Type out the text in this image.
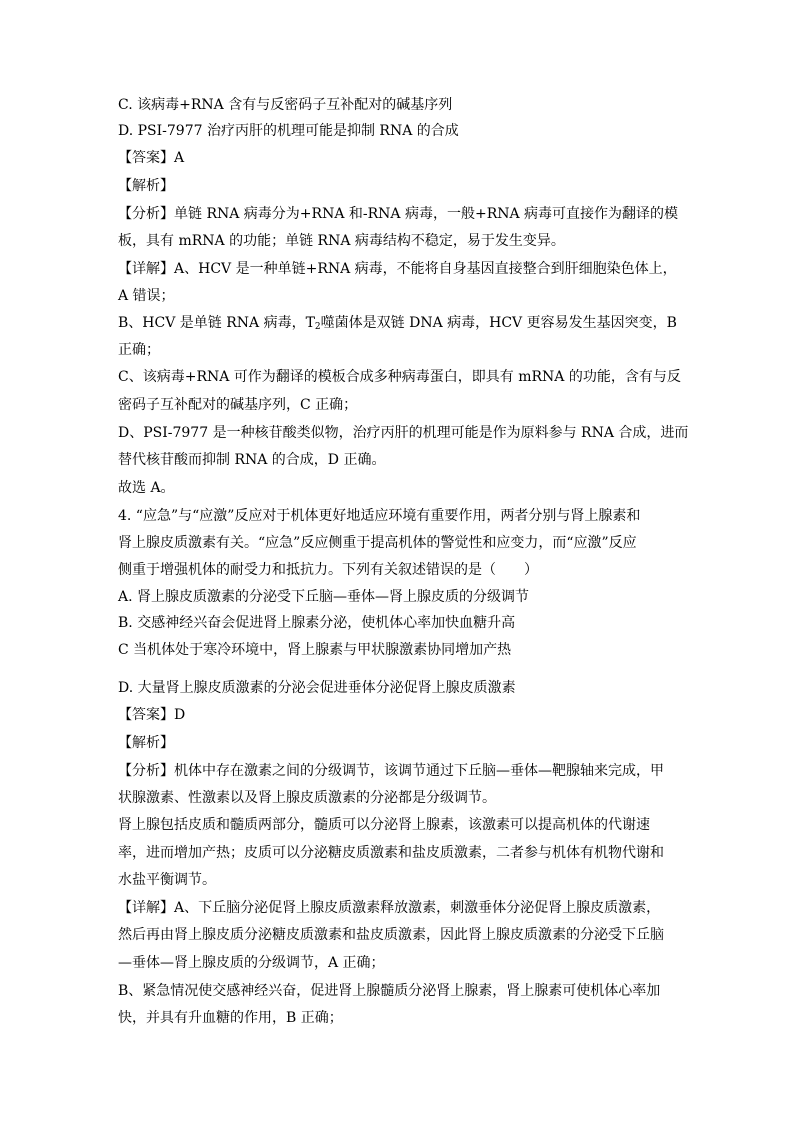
C. 该病毒+RNA 含有与反密码子互补配对的碱基序列
D. PSI-7977 治疗丙肝的机理可能是抑制 RNA 的合成
【答案】A
【解析】
【分析】单链 RNA 病毒分为+RNA 和-RNA 病毒，一般+RNA 病毒可直接作为翻译的模
板，具有 mRNA 的功能；单链 RNA 病毒结构不稳定，易于发生变异。
【详解】A、HCV 是一种单链+RNA 病毒，不能将自身基因直接整合到肝细胞染色体上，
A 错误；
B、HCV 是单链 RNA 病毒，$T_2$噬菌体是双链 DNA 病毒，HCV 更容易发生基因突变，B
正确；
C、该病毒+RNA 可作为翻译的模板合成多种病毒蛋白，即具有 mRNA 的功能，含有与反
密码子互补配对的碱基序列，C 正确；
D、PSI-7977 是一种核苷酸类似物，治疗丙肝的机理可能是作为原料参与 RNA 合成，进而
替代核苷酸而抑制 RNA 的合成，D 正确。
故选 A。
4. “应急”与“应激”反应对于机体更好地适应环境有重要作用，两者分别与肾上腺素和
肾上腺皮质激素有关。“应急”反应侧重于提高机体的警觉性和应变力，而“应激”反应
侧重于增强机体的耐受力和抵抗力。下列有关叙述错误的是（　　）
A. 肾上腺皮质激素的分泌受下丘脑—垂体—肾上腺皮质的分级调节
B. 交感神经兴奋会促进肾上腺素分泌，使机体心率加快血糖升高
C 当机体处于寒冷环境中，肾上腺素与甲状腺激素协同增加产热
D. 大量肾上腺皮质激素的分泌会促进垂体分泌促肾上腺皮质激素
【答案】D
【解析】
【分析】机体中存在激素之间的分级调节，该调节通过下丘脑—垂体—靶腺轴来完成，甲
状腺激素、性激素以及肾上腺皮质激素的分泌都是分级调节。
肾上腺包括皮质和髓质两部分，髓质可以分泌肾上腺素，该激素可以提高机体的代谢速
率，进而增加产热；皮质可以分泌糖皮质激素和盐皮质激素，二者参与机体有机物代谢和
水盐平衡调节。
【详解】A、下丘脑分泌促肾上腺皮质激素释放激素，刺激垂体分泌促肾上腺皮质激素，
然后再由肾上腺皮质分泌糖皮质激素和盐皮质激素，因此肾上腺皮质激素的分泌受下丘脑
—垂体—肾上腺皮质的分级调节，A 正确；
B、紧急情况使交感神经兴奋，促进肾上腺髓质分泌肾上腺素，肾上腺素可使机体心率加
快，并具有升血糖的作用，B 正确；
